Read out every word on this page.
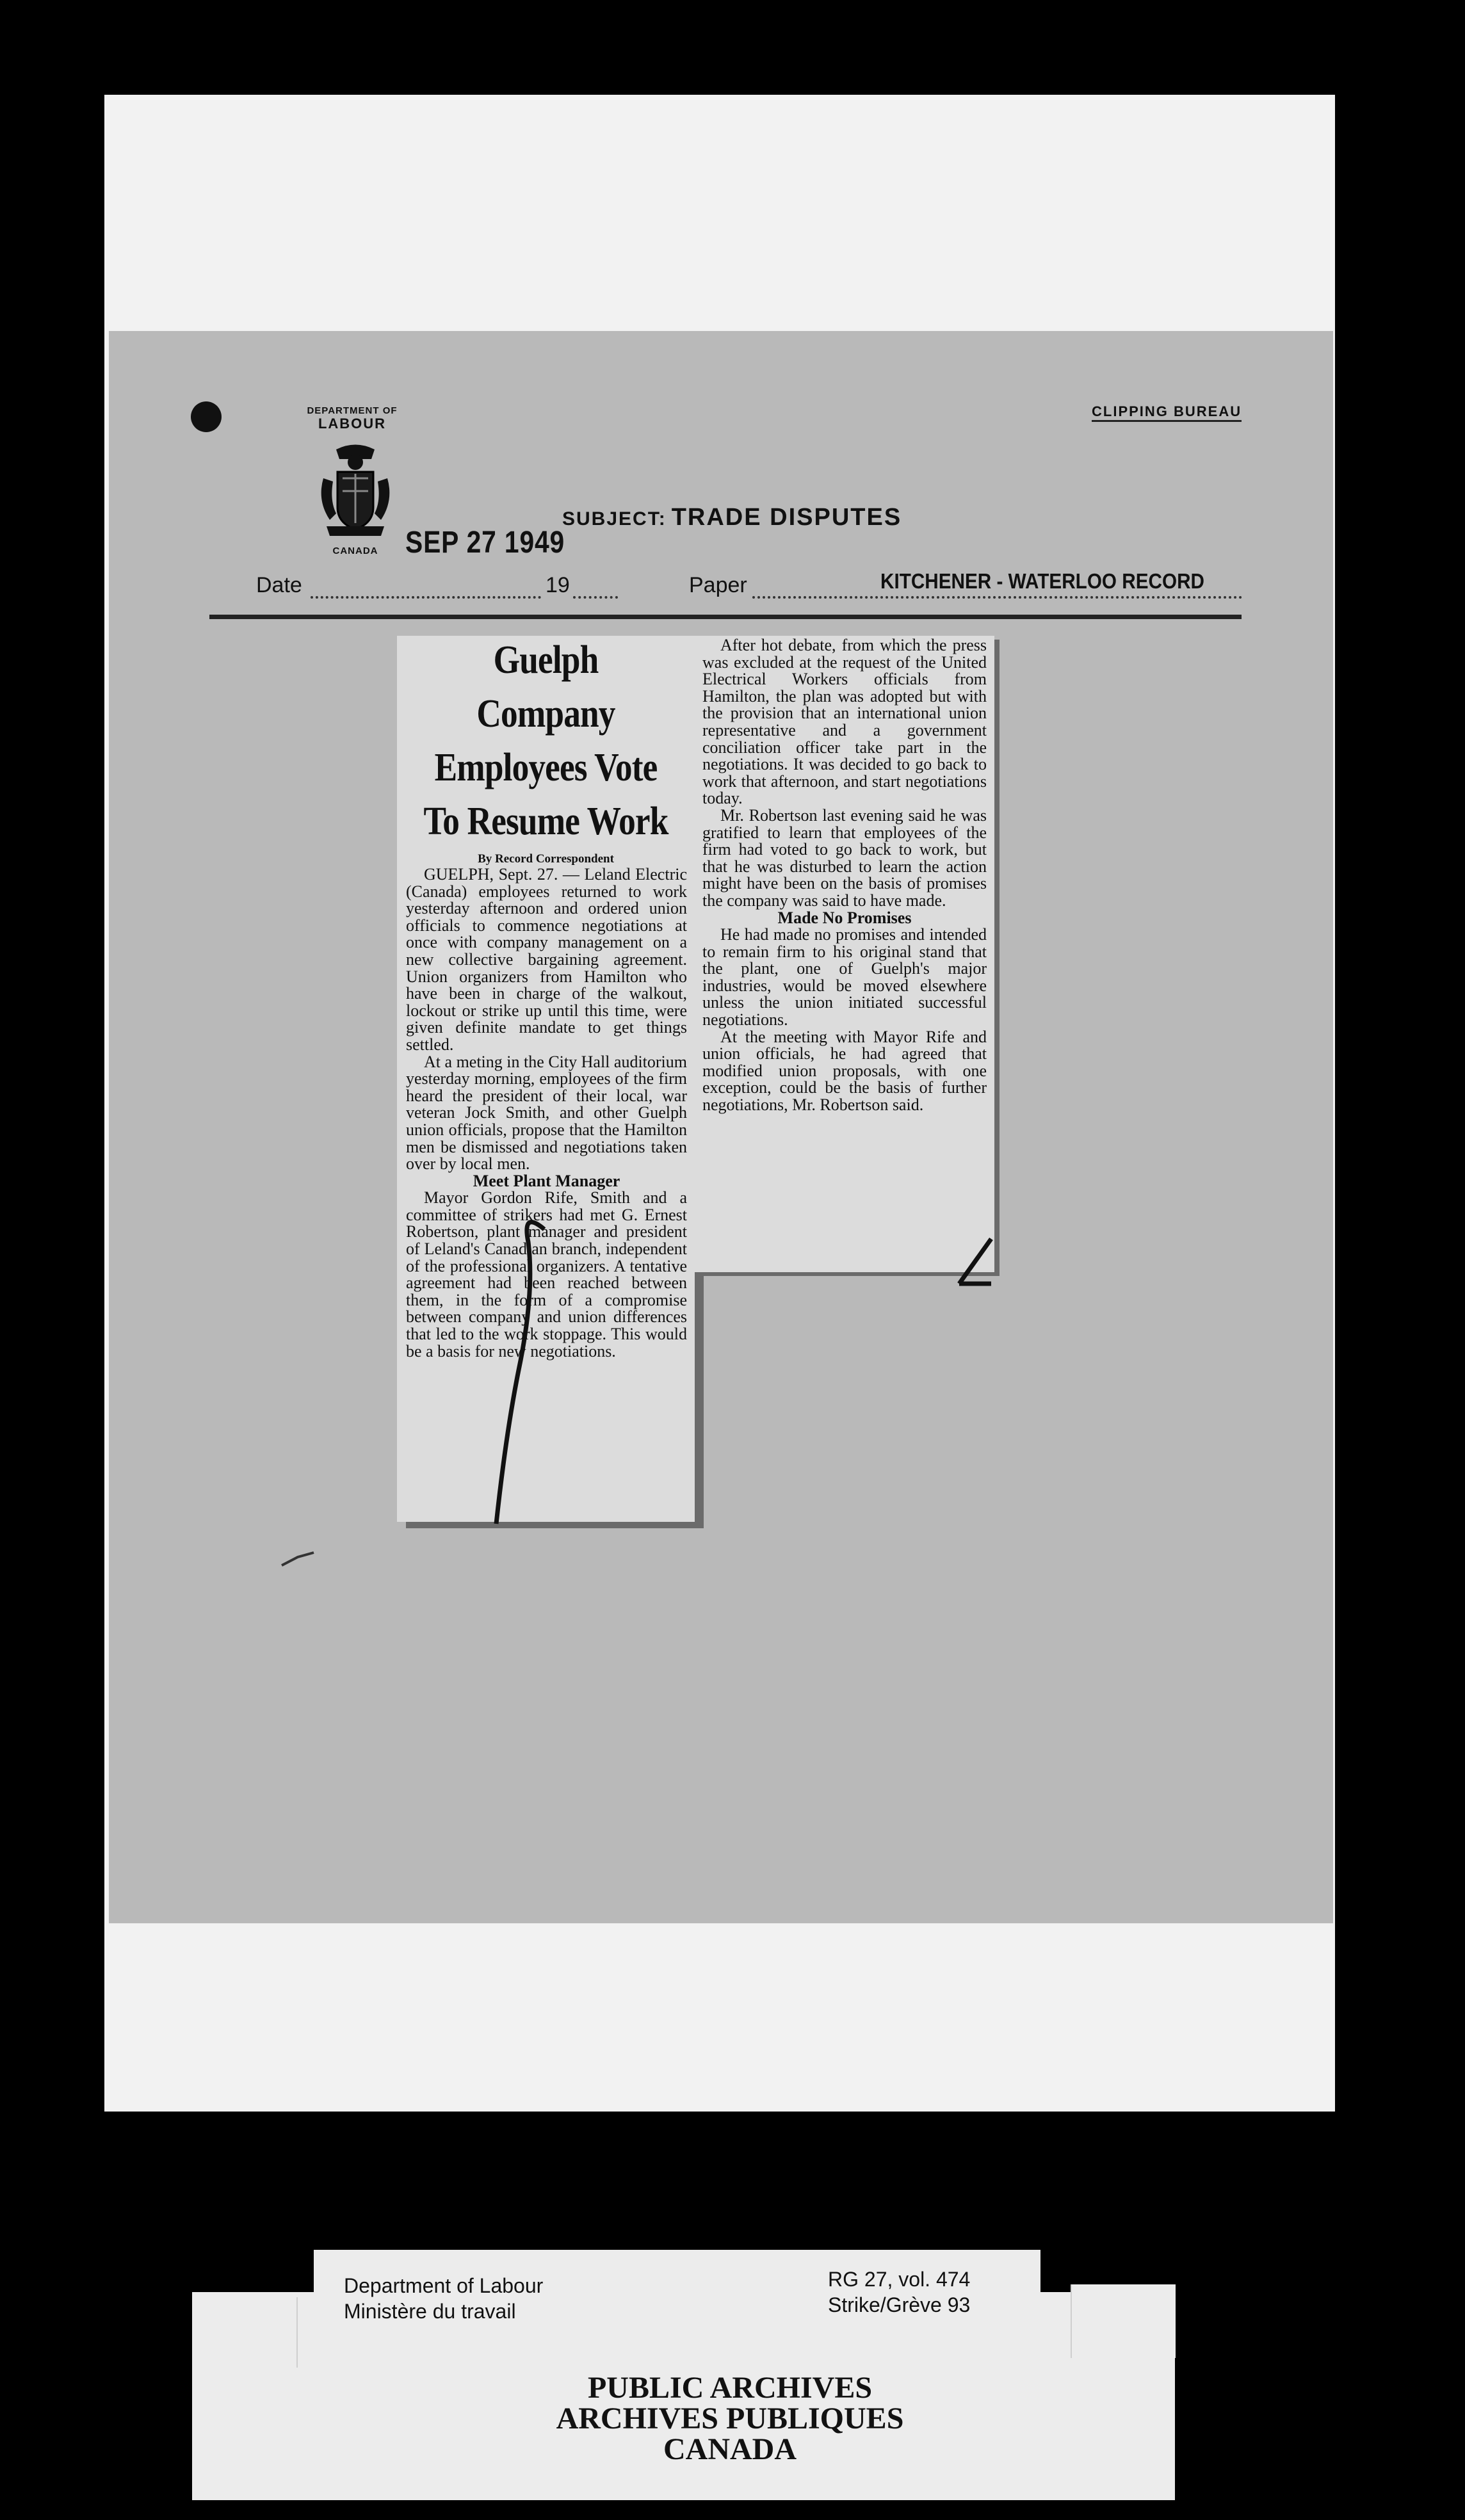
DEPARTMENT OF
LABOUR
CANADA
CLIPPING BUREAU
SUBJECT: TRADE DISPUTES
SEP 27 1949
Date	19	Paper	KITCHENER - WATERLOO RECORD
Guelph Company
Employees Vote
To Resume Work
By Record Correspondent

GUELPH, Sept. 27. — Leland Electric (Canada) employees returned to work yesterday afternoon and ordered union officials to commence negotiations at once with company management on a new collective bargaining agreement. Union organizers from Hamilton who have been in charge of the walkout, lockout or strike up until this time, were given definite mandate to get things settled.

At a meting in the City Hall auditorium yesterday morning, employees of the firm heard the president of their local, war veteran Jock Smith, and other Guelph union officials, propose that the Hamilton men be dismissed and negotiations taken over by local men.

Meet Plant Manager

Mayor Gordon Rife, Smith and a committee of strikers had met G. Ernest Robertson, plant manager and president of Leland's Canadian branch, independent of the professional organizers. A tentative agreement had been reached between them, in the form of a compromise between company and union differences that led to the work stoppage. This would be a basis for new negotiations.

After hot debate, from which the press was excluded at the request of the United Electrical Workers officials from Hamilton, the plan was adopted but with the provision that an international union representative and a government conciliation officer take part in the negotiations. It was decided to go back to work that afternoon, and start negotiations today.

Mr. Robertson last evening said he was gratified to learn that employees of the firm had voted to go back to work, but that he was disturbed to learn the action might have been on the basis of promises the company was said to have made.

Made No Promises

He had made no promises and intended to remain firm to his original stand that the plant, one of Guelph's major industries, would be moved elsewhere unless the union initiated successful negotiations.

At the meeting with Mayor Rife and union officials, he had agreed that modified union proposals, with one exception, could be the basis of further negotiations, Mr. Robertson said.

Department of Labour
Ministère du travail
RG 27, vol. 474
Strike/Grève 93
PUBLIC ARCHIVES
ARCHIVES PUBLIQUES
CANADA
